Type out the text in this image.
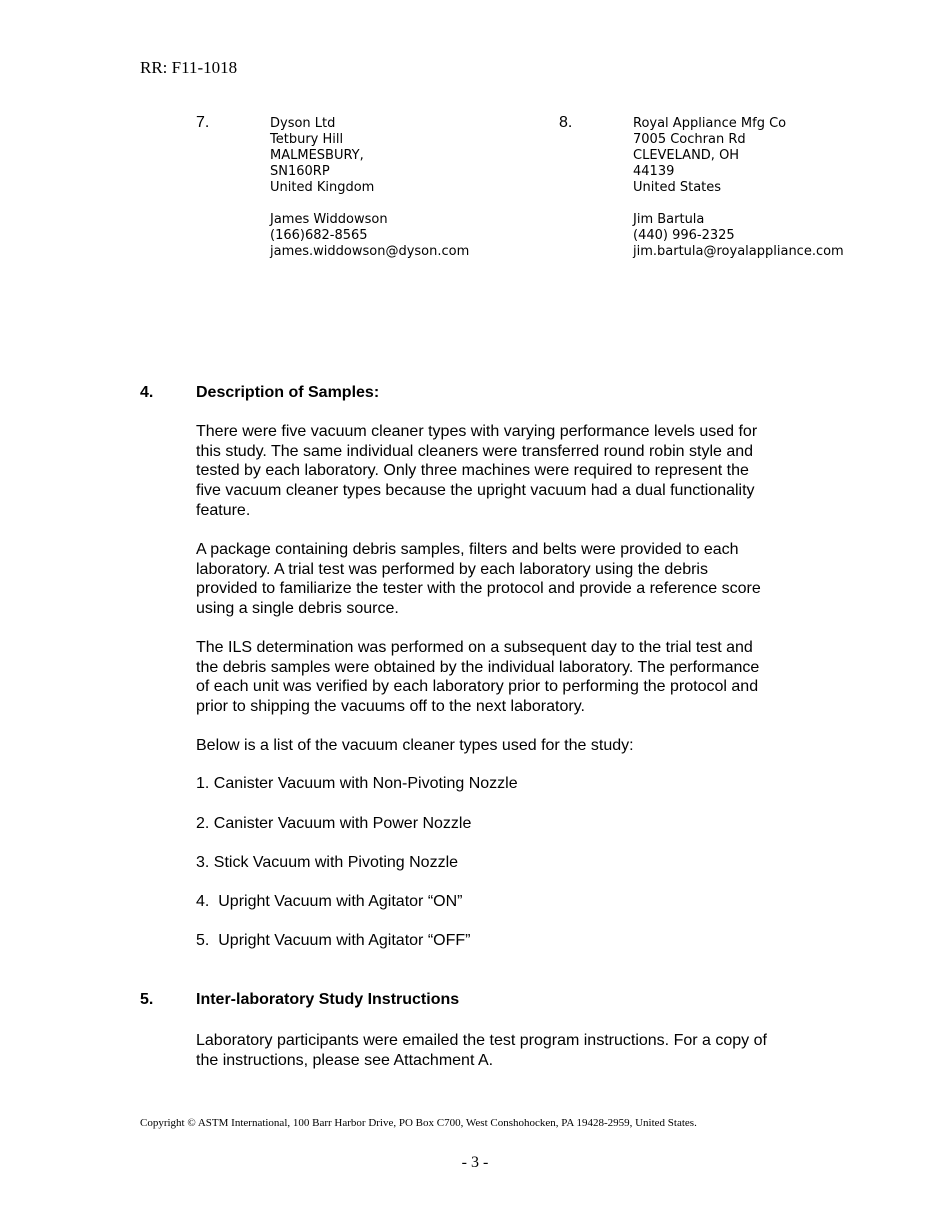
RR: F11-1018
7.	Dyson Ltd
Tetbury Hill
MALMESBURY,
SN160RP
United Kingdom
James Widdowson
(166)682-8565
james.widdowson@dyson.com
8.	Royal Appliance Mfg Co
7005 Cochran Rd
CLEVELAND, OH
44139
United States
Jim Bartula
(440) 996-2325
jim.bartula@royalappliance.com
4.	Description of Samples:
There were five vacuum cleaner types with varying performance levels used for
this study. The same individual cleaners were transferred round robin style and
tested by each laboratory. Only three machines were required to represent the
five vacuum cleaner types because the upright vacuum had a dual functionality
feature.
A package containing debris samples, filters and belts were provided to each
laboratory. A trial test was performed by each laboratory using the debris
provided to familiarize the tester with the protocol and provide a reference score
using a single debris source.
The ILS determination was performed on a subsequent day to the trial test and
the debris samples were obtained by the individual laboratory. The performance
of each unit was verified by each laboratory prior to performing the protocol and
prior to shipping the vacuums off to the next laboratory.
Below is a list of the vacuum cleaner types used for the study:
1. Canister Vacuum with Non-Pivoting Nozzle
2. Canister Vacuum with Power Nozzle
3. Stick Vacuum with Pivoting Nozzle
4.  Upright Vacuum with Agitator “ON”
5.  Upright Vacuum with Agitator “OFF”
5.	Inter-laboratory Study Instructions
Laboratory participants were emailed the test program instructions. For a copy of
the instructions, please see Attachment A.
Copyright © ASTM International, 100 Barr Harbor Drive, PO Box C700, West Conshohocken, PA 19428-2959, United States.
- 3 -
